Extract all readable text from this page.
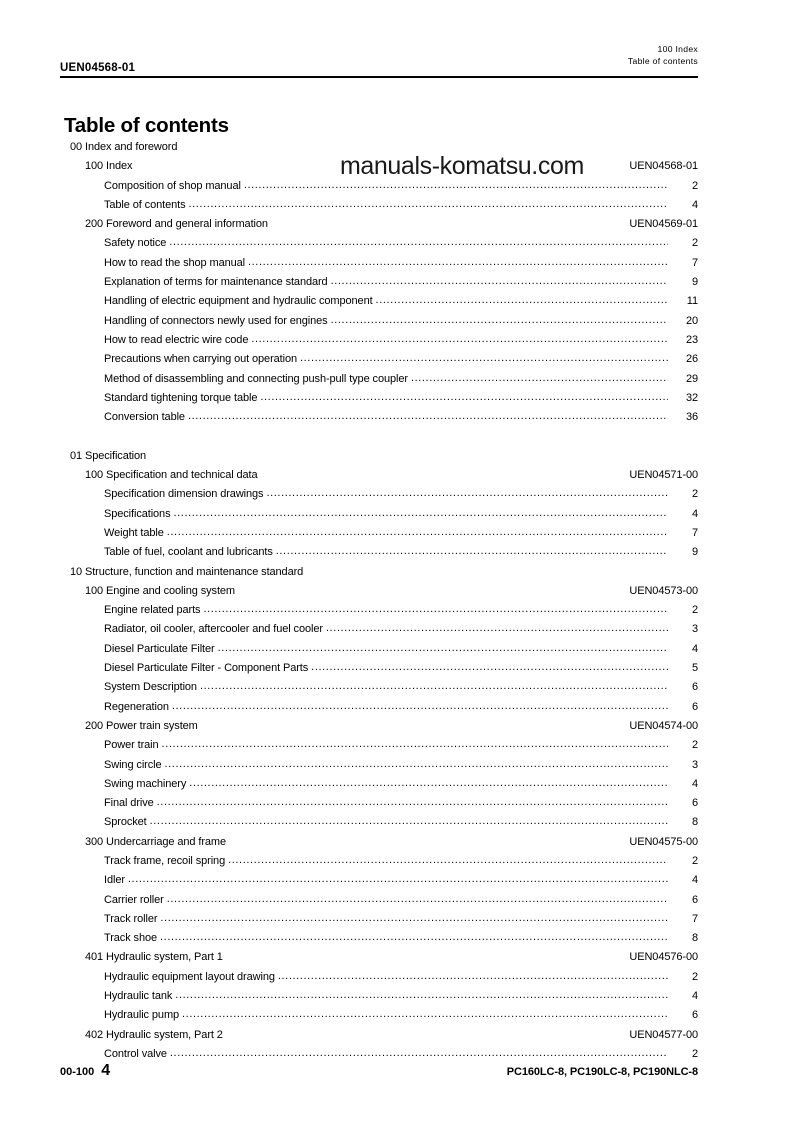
UEN04568-01
100 Index
Table of contents
Table of contents
00 Index and foreword
100 Index	UEN04568-01
Composition of shop manual .....	2
Table of contents .....	4
200 Foreword and general information	UEN04569-01
Safety notice .....	2
How to read the shop manual .....	7
Explanation of terms for maintenance standard .....	9
Handling of electric equipment and hydraulic component .....	11
Handling of connectors newly used for engines .....	20
How to read electric wire code .....	23
Precautions when carrying out operation .....	26
Method of disassembling and connecting push-pull type coupler .....	29
Standard tightening torque table .....	32
Conversion table .....	36
01 Specification
100 Specification and technical data	UEN04571-00
Specification dimension drawings .....	2
Specifications .....	4
Weight table .....	7
Table of fuel, coolant and lubricants .....	9
10 Structure, function and maintenance standard
100 Engine and cooling system	UEN04573-00
Engine related parts .....	2
Radiator, oil cooler, aftercooler and fuel cooler .....	3
Diesel Particulate Filter .....	4
Diesel Particulate Filter - Component Parts .....	5
System Description .....	6
Regeneration .....	6
200 Power train system	UEN04574-00
Power train .....	2
Swing circle .....	3
Swing machinery .....	4
Final drive .....	6
Sprocket .....	8
300 Undercarriage and frame	UEN04575-00
Track frame, recoil spring .....	2
Idler .....	4
Carrier roller .....	6
Track roller .....	7
Track shoe .....	8
401 Hydraulic system, Part 1	UEN04576-00
Hydraulic equipment layout drawing .....	2
Hydraulic tank .....	4
Hydraulic pump .....	6
402 Hydraulic system, Part 2	UEN04577-00
Control valve .....	2
manuals-komatsu.com
00-100 4	PC160LC-8, PC190LC-8, PC190NLC-8
